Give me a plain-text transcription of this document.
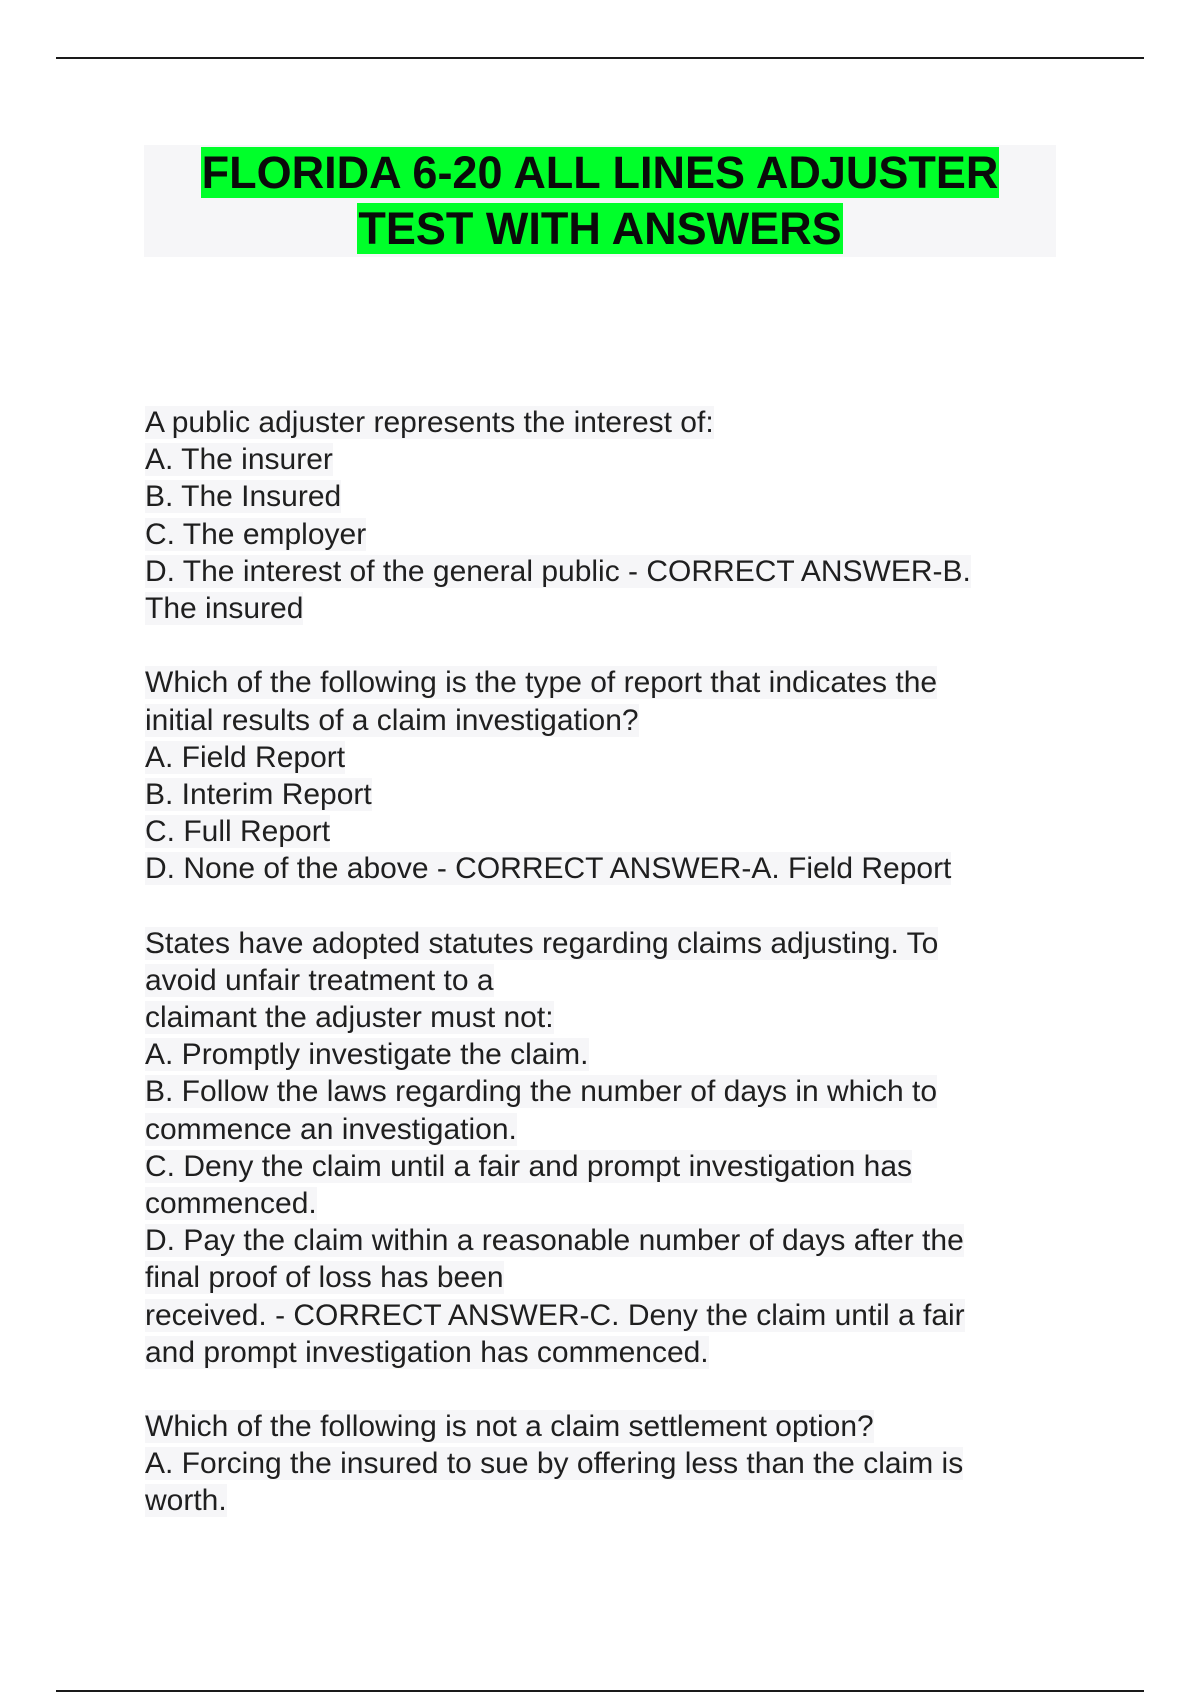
FLORIDA 6-20 ALL LINES ADJUSTER
TEST WITH ANSWERS
A public adjuster represents the interest of:
A. The insurer
B. The Insured
C. The employer
D. The interest of the general public - CORRECT ANSWER-B.
The insured
Which of the following is the type of report that indicates the
initial results of a claim investigation?
A. Field Report
B. Interim Report
C. Full Report
D. None of the above - CORRECT ANSWER-A. Field Report
States have adopted statutes regarding claims adjusting. To
avoid unfair treatment to a
claimant the adjuster must not:
A. Promptly investigate the claim.
B. Follow the laws regarding the number of days in which to
commence an investigation.
C. Deny the claim until a fair and prompt investigation has
commenced.
D. Pay the claim within a reasonable number of days after the
final proof of loss has been
received. - CORRECT ANSWER-C. Deny the claim until a fair
and prompt investigation has commenced.
Which of the following is not a claim settlement option?
A. Forcing the insured to sue by offering less than the claim is
worth.
